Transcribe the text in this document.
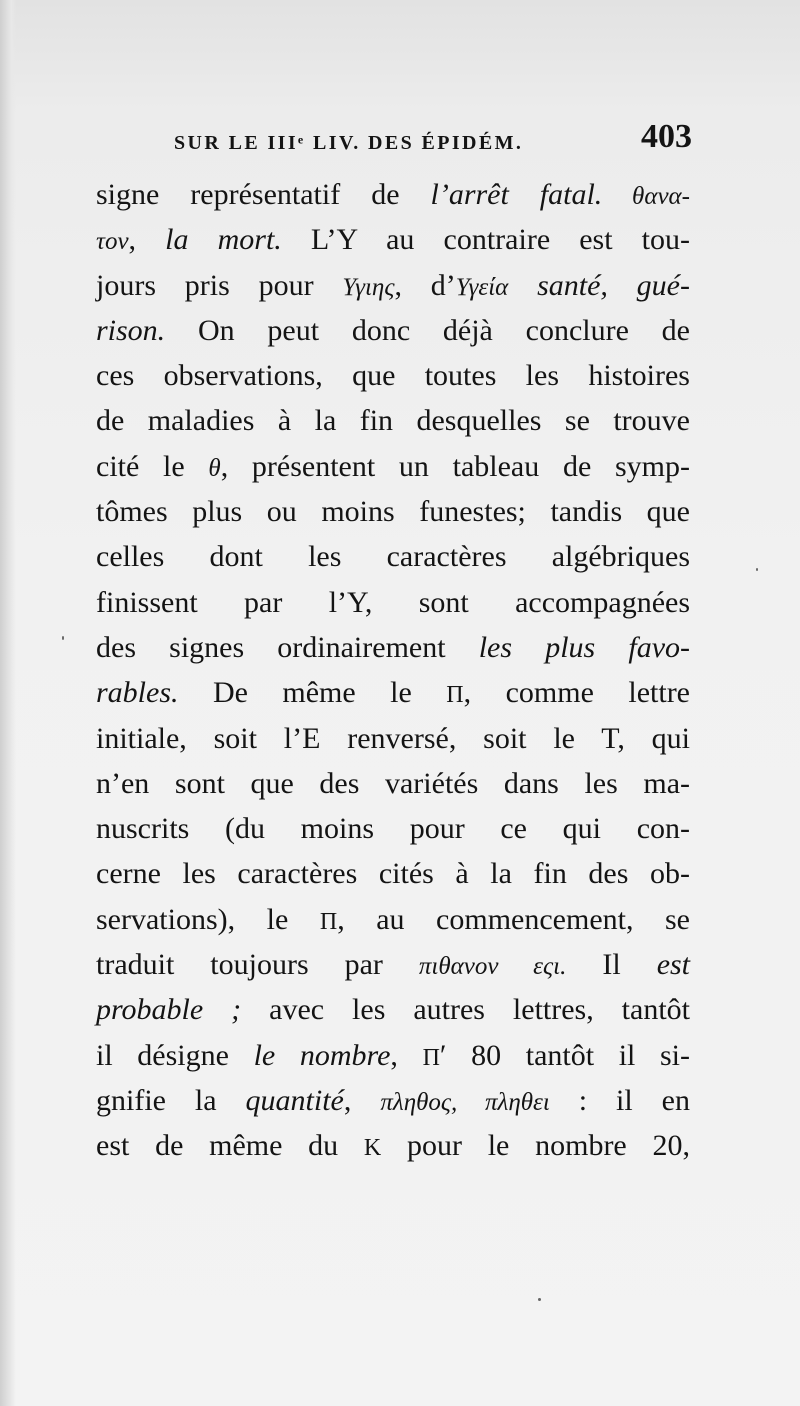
SUR LE IIIᵉ LIV. DES ÉPIDÉM.	403
signe représentatif de l’arrêt fatal. θανα-
τον, la mort. L’Υ au contraire est tou-
jours pris pour Υγιης, d’Υγεία santé, gué-
rison. On peut donc déjà conclure de
ces observations, que toutes les histoires
de maladies à la fin desquelles se trouve
cité le θ, présentent un tableau de symp-
tômes plus ou moins funestes; tandis que
celles dont les caractères algébriques
finissent par l’Υ, sont accompagnées
des signes ordinairement les plus favo-
rables. De même le Π, comme lettre
initiale, soit l’E renversé, soit le T, qui
n’en sont que des variétés dans les ma-
nuscrits (du moins pour ce qui con-
cerne les caractères cités à la fin des ob-
servations), le Π, au commencement, se
traduit toujours par πιθανον εςι. Il est
probable ; avec les autres lettres, tantôt
il désigne le nombre, Πʹ 80 tantôt il si-
gnifie la quantité, πληθος, πληθει : il en
est de même du Κ pour le nombre 20,
